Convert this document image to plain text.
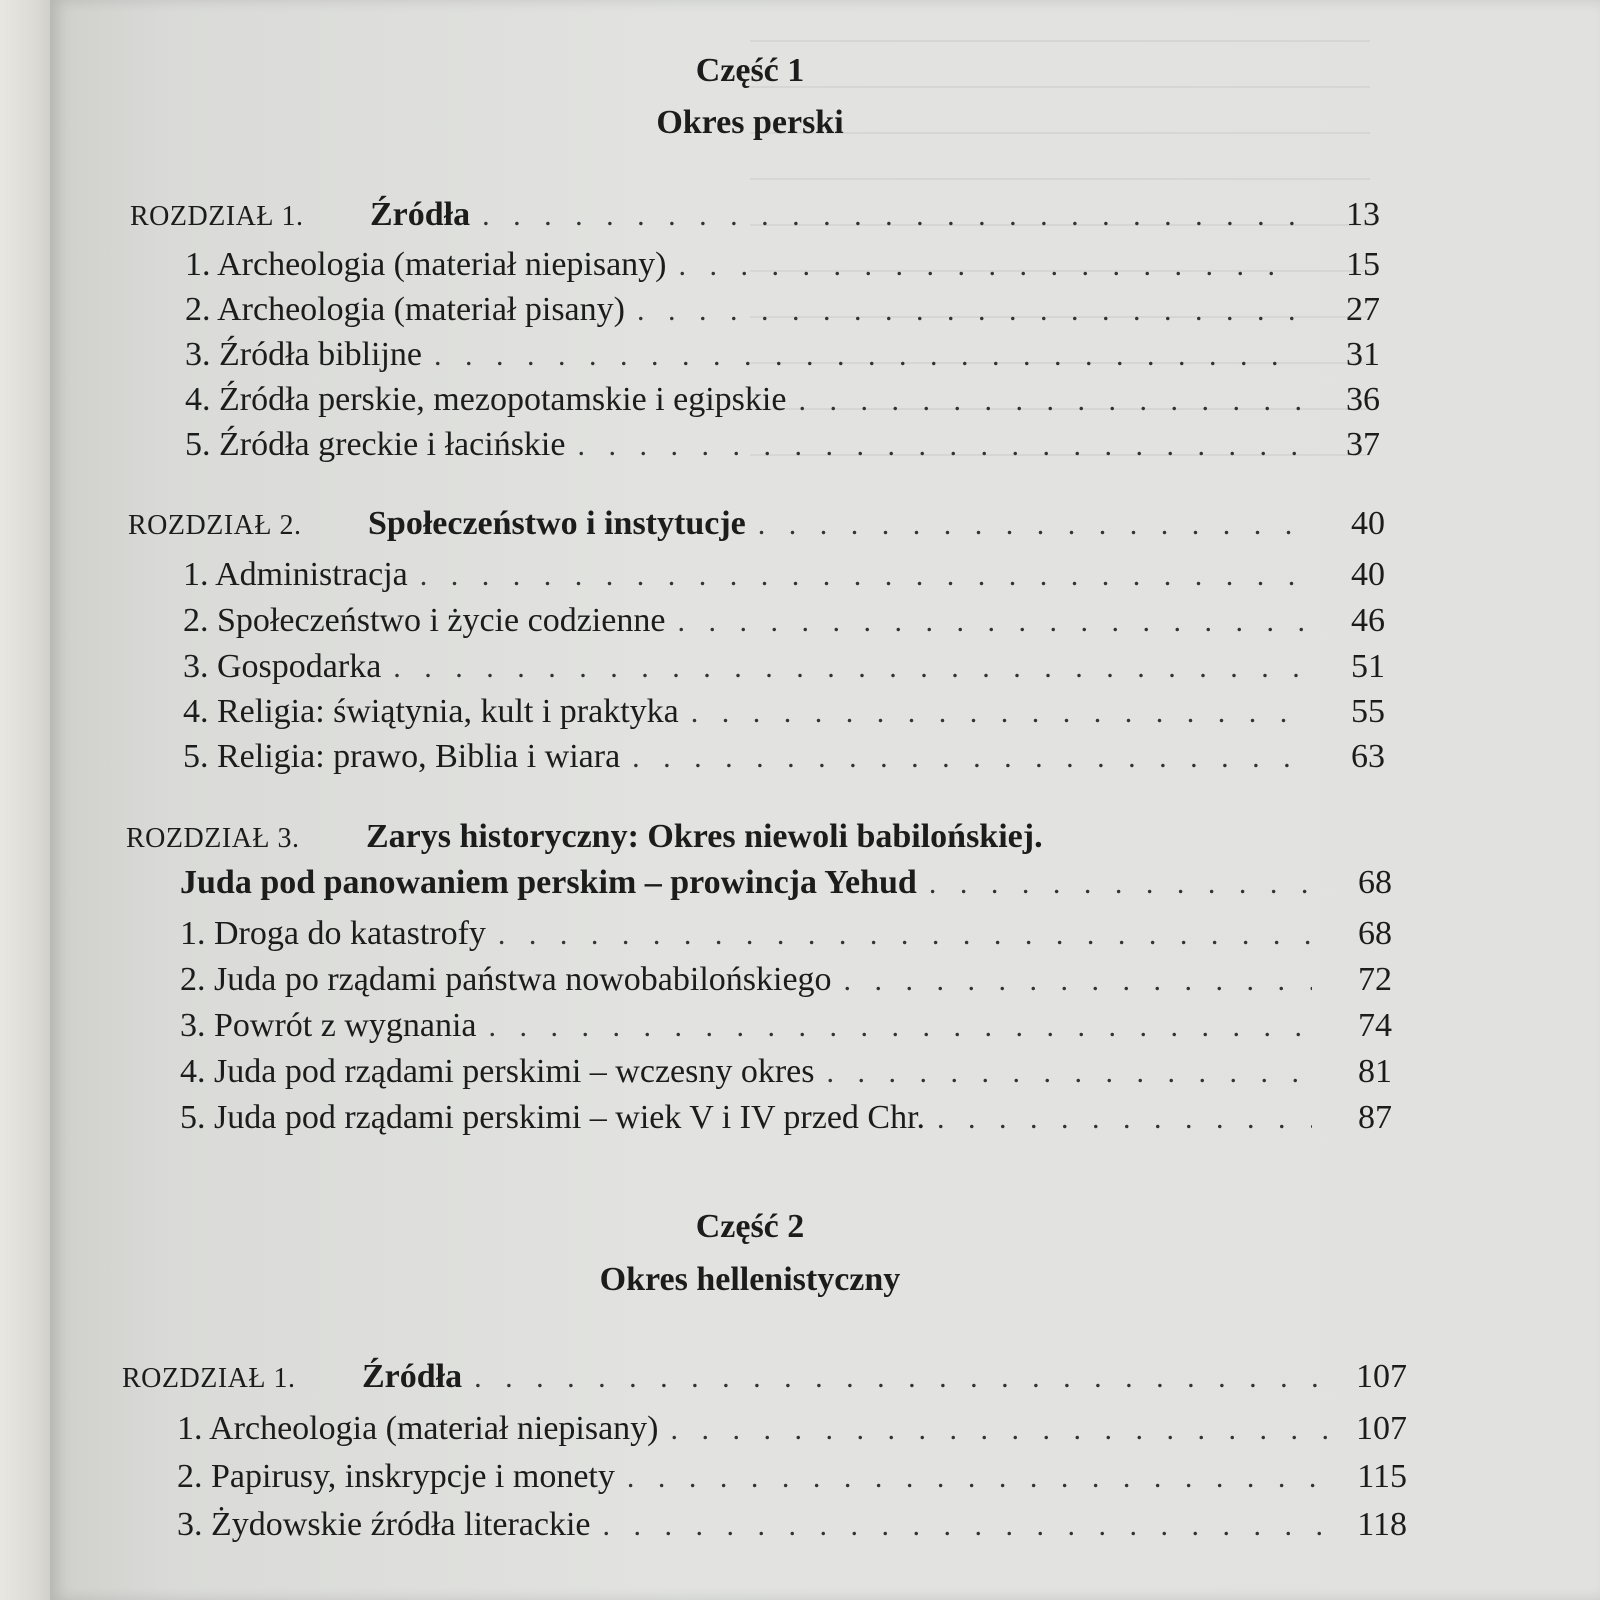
Część 1
Okres perski
ROZDZIAŁ 1.	Źródła . . .	13
1. Archeologia (materiał niepisany) . . .	15
2. Archeologia (materiał pisany) . . .	27
3. Źródła biblijne . . .	31
4. Źródła perskie, mezopotamskie i egipskie . . .	36
5. Źródła greckie i łacińskie . . .	37
ROZDZIAŁ 2.	Społeczeństwo i instytucje . . .	40
1. Administracja . . .	40
2. Społeczeństwo i życie codzienne . . .	46
3. Gospodarka . . .	51
4. Religia: świątynia, kult i praktyka . . .	55
5. Religia: prawo, Biblia i wiara . . .	63
ROZDZIAŁ 3.	Zarys historyczny: Okres niewoli babilońskiej.
Juda pod panowaniem perskim – prowincja Yehud . . .	68
1. Droga do katastrofy . . .	68
2. Juda po rządami państwa nowobabilońskiego . . .	72
3. Powrót z wygnania . . .	74
4. Juda pod rządami perskimi – wczesny okres . . .	81
5. Juda pod rządami perskimi – wiek V i IV przed Chr. . . .	87
Część 2
Okres hellenistyczny
ROZDZIAŁ 1.	Źródła . . .	107
1. Archeologia (materiał niepisany) . . .	107
2. Papirusy, inskrypcje i monety . . .	115
3. Żydowskie źródła literackie . . .	118
